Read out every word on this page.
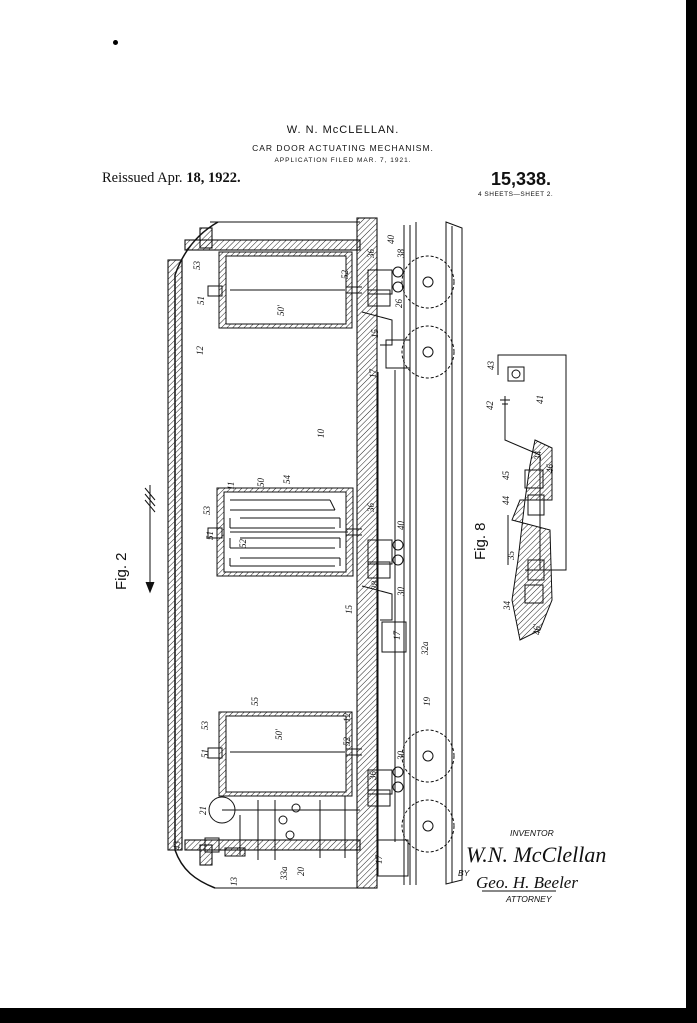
W. N. McCLELLAN.
CAR DOOR ACTUATING MECHANISM.
APPLICATION FILED MAR. 7, 1921.
Reissued Apr. 18, 1922.	15,338.
4 SHEETS—SHEET 2.
53
51
12
50'
52
36
40
38
26
15
17
10
11 50 54
53
51
52
36
40
28
30
15
17
32a
19
55
12
53
51
50'
52
30
36
21
43
13
33a 20
17
43
42
41
34
45
46
44
35
34
46'
Fig. 2
Fig. 8
INVENTOR
W.N. McClellan
BY Geo. H. Beeler
ATTORNEY
